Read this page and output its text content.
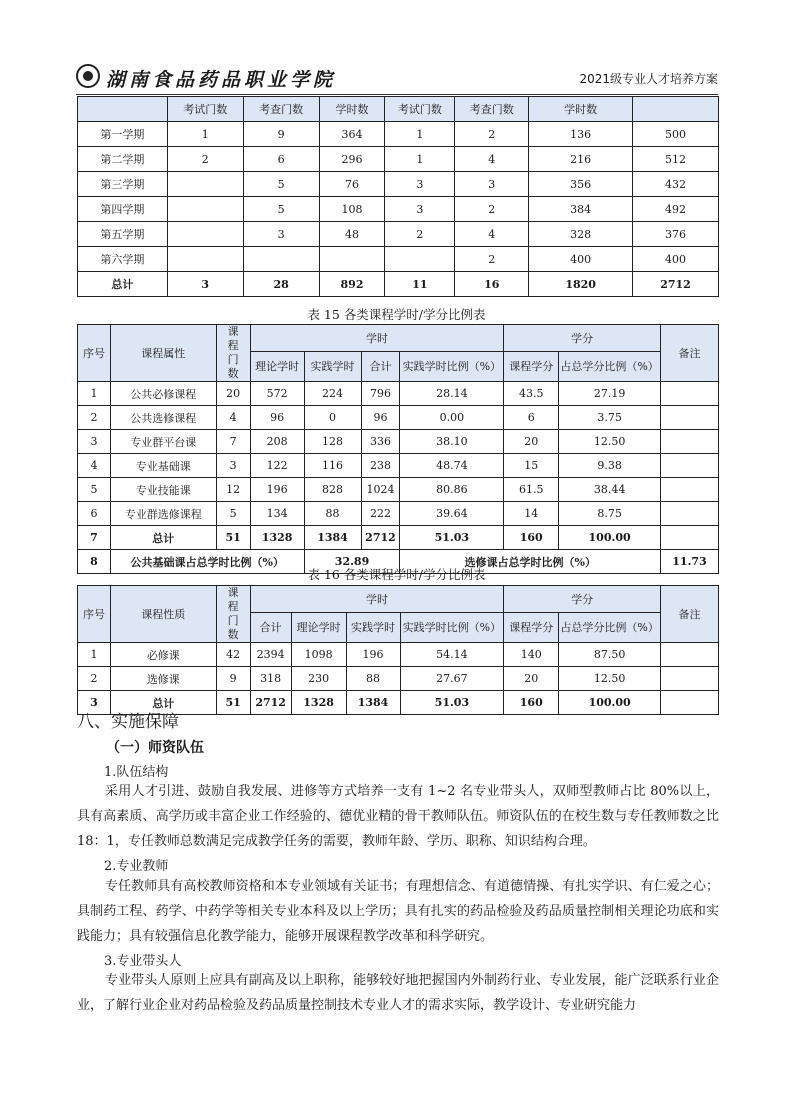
湖南食品药品职业学院	2021级专业人才培养方案
	考试门数	考查门数	学时数	考试门数	考查门数	学时数	
第一学期	1	9	364	1	2	136	500
第二学期	2	6	296	1	4	216	512
第三学期		5	76	3	3	356	432
第四学期		5	108	3	2	384	492
第五学期		3	48	2	4	328	376
第六学期					2	400	400
总计	3	28	892	11	16	1820	2712
表 15 各类课程学时/学分比例表
序号	课程属性	课程门数	学时				学分		备注
			理论学时	实践学时	合计	实践学时比例（%）	课程学分	占总学分比例（%）	
1	公共必修课程	20	572	224	796	28.14	43.5	27.19	
2	公共选修课程	4	96	0	96	0.00	6	3.75	
3	专业群平台课	7	208	128	336	38.10	20	12.50	
4	专业基础课	3	122	116	238	48.74	15	9.38	
5	专业技能课	12	196	828	1024	80.86	61.5	38.44	
6	专业群选修课程	5	134	88	222	39.64	14	8.75	
7	总计	51	1328	1384	2712	51.03	160	100.00	
8	公共基础课占总学时比例（%）			32.89		选修课占总学时比例（%）			11.73
表 16 各类课程学时/学分比例表
序号	课程性质	课程门数	学时				学分		备注
			合计	理论学时	实践学时	实践学时比例（%）	课程学分	占总学分比例（%）	
1	必修课	42	2394	1098	196	54.14	140	87.50	
2	选修课	9	318	230	88	27.67	20	12.50	
3	总计	51	2712	1328	1384	51.03	160	100.00	
八、实施保障
（一）师资队伍
1.队伍结构
采用人才引进、鼓励自我发展、进修等方式培养一支有 1~2 名专业带头人，双师型教师占比 80%以上，具有高素质、高学历或丰富企业工作经验的、德优业精的骨干教师队伍。师资队伍的在校生数与专任教师数之比 18：1，专任教师总数满足完成教学任务的需要，教师年龄、学历、职称、知识结构合理。
2.专业教师
专任教师具有高校教师资格和本专业领域有关证书；有理想信念、有道德情操、有扎实学识、有仁爱之心；具制药工程、药学、中药学等相关专业本科及以上学历；具有扎实的药品检验及药品质量控制相关理论功底和实践能力；具有较强信息化教学能力，能够开展课程教学改革和科学研究。
3.专业带头人
专业带头人原则上应具有副高及以上职称，能够较好地把握国内外制药行业、专业发展，能广泛联系行业企业，了解行业企业对药品检验及药品质量控制技术专业人才的需求实际，教学设计、专业研究能力
